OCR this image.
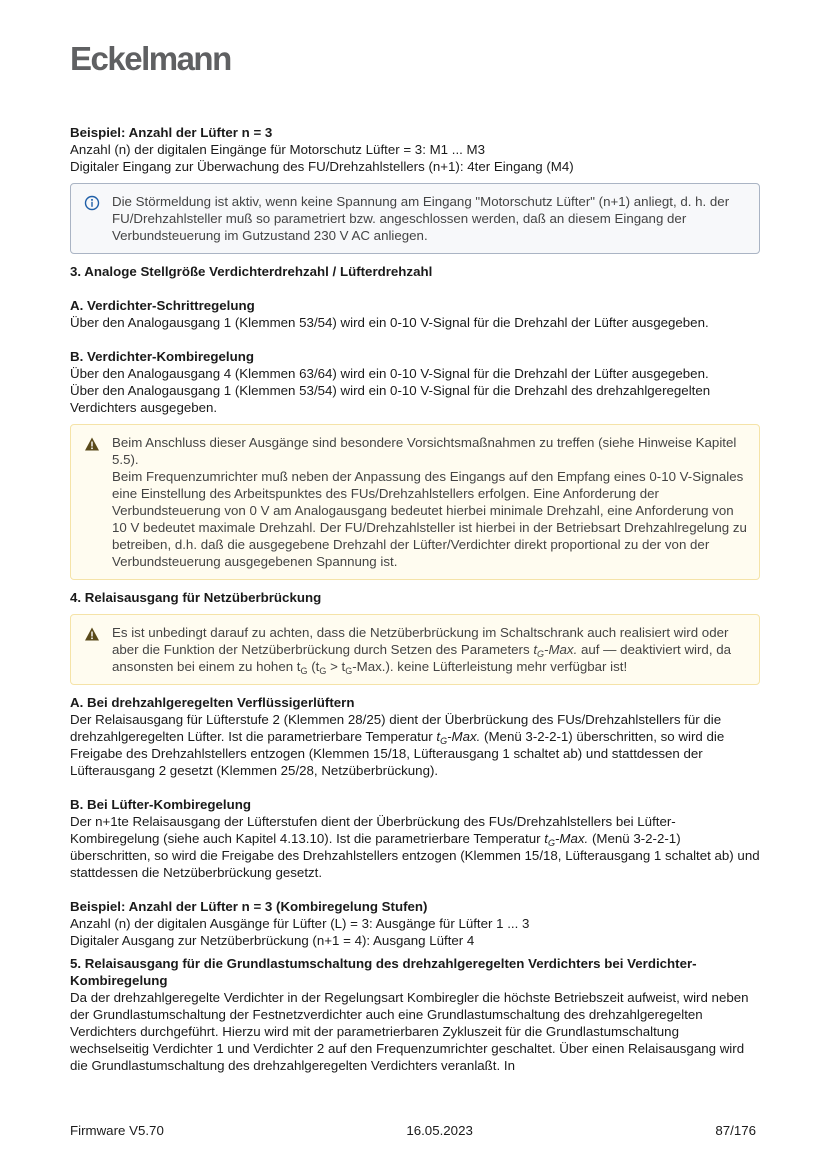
Eckelmann

Beispiel: Anzahl der Lüfter n = 3

Anzahl (n) der digitalen Eingänge für Motorschutz Lüfter = 3: M1 ... M3

Digitaler Eingang zur Überwachung des FU/Drehzahlstellers (n+1): 4ter Eingang (M4)

Die Störmeldung ist aktiv, wenn keine Spannung am Eingang "Motorschutz Lüfter" (n+1) anliegt, d. h. der FU/Drehzahlsteller muß so parametriert bzw. angeschlossen werden, daß an diesem Eingang der Verbundsteuerung im Gutzustand 230 V AC anliegen.

3. Analoge Stellgröße Verdichterdrehzahl / Lüfterdrehzahl

A. Verdichter-Schrittregelung

Über den Analogausgang 1 (Klemmen 53/54) wird ein 0-10 V-Signal für die Drehzahl der Lüfter ausgegeben.

B. Verdichter-Kombiregelung

Über den Analogausgang 4 (Klemmen 63/64) wird ein 0-10 V-Signal für die Drehzahl der Lüfter ausgegeben.

Über den Analogausgang 1 (Klemmen 53/54) wird ein 0-10 V-Signal für die Drehzahl des drehzahlgeregelten Verdichters ausgegeben.

Beim Anschluss dieser Ausgänge sind besondere Vorsichtsmaßnahmen zu treffen (siehe Hinweise Kapitel 5.5).

Beim Frequenzumrichter muß neben der Anpassung des Eingangs auf den Empfang eines 0-10 V-Signales eine Einstellung des Arbeitspunktes des FUs/Drehzahlstellers erfolgen. Eine Anforderung der Verbundsteuerung von 0 V am Analogausgang bedeutet hierbei minimale Drehzahl, eine Anforderung von 10 V bedeutet maximale Drehzahl. Der FU/Drehzahlsteller ist hierbei in der Betriebsart Drehzahlregelung zu betreiben, d.h. daß die ausgegebene Drehzahl der Lüfter/Verdichter direkt proportional zu der von der Verbundsteuerung ausgegebenen Spannung ist.

4. Relaisausgang für Netzüberbrückung

Es ist unbedingt darauf zu achten, dass die Netzüberbrückung im Schaltschrank auch realisiert wird oder aber die Funktion der Netzüberbrückung durch Setzen des Parameters $t_G$-Max. auf — deaktiviert wird, da ansonsten bei einem zu hohen $t_G$ $(t_G > t_G-Max.)$. keine Lüfterleistung mehr verfügbar ist!

A. Bei drehzahlgeregelten Verflüssigerlüftern

Der Relaisausgang für Lüfterstufe 2 (Klemmen 28/25) dient der Überbrückung des FUs/Drehzahlstellers für die drehzahlgeregelten Lüfter. Ist die parametrierbare Temperatur $t_G$-Max. (Menü 3-2-2-1) überschritten, so wird die Freigabe des Drehzahlstellers entzogen (Klemmen 15/18, Lüfterausgang 1 schaltet ab) und stattdessen der Lüfterausgang 2 gesetzt (Klemmen 25/28, Netzüberbrückung).

B. Bei Lüfter-Kombiregelung

Der n+1te Relaisausgang der Lüfterstufen dient der Überbrückung des FUs/Drehzahlstellers bei Lüfter-Kombiregelung (siehe auch Kapitel 4.13.10). Ist die parametrierbare Temperatur $t_G$-Max. (Menü 3-2-2-1) überschritten, so wird die Freigabe des Drehzahlstellers entzogen (Klemmen 15/18, Lüfterausgang 1 schaltet ab) und stattdessen die Netzüberbrückung gesetzt.

Beispiel: Anzahl der Lüfter n = 3 (Kombiregelung Stufen)

Anzahl (n) der digitalen Ausgänge für Lüfter (L) = 3: Ausgänge für Lüfter 1 ... 3

Digitaler Ausgang zur Netzüberbrückung (n+1 = 4): Ausgang Lüfter 4

5. Relaisausgang für die Grundlastumschaltung des drehzahlgeregelten Verdichters bei Verdichter-Kombiregelung

Da der drehzahlgeregelte Verdichter in der Regelungsart Kombiregler die höchste Betriebszeit aufweist, wird neben der Grundlastumschaltung der Festnetzverdichter auch eine Grundlastumschaltung des drehzahlgeregelten Verdichters durchgeführt. Hierzu wird mit der parametrierbaren Zykluszeit für die Grundlastumschaltung wechselseitig Verdichter 1 und Verdichter 2 auf den Frequenzumrichter geschaltet. Über einen Relaisausgang wird die Grundlastumschaltung des drehzahlgeregelten Verdichters veranlaßt. In

Firmware V5.70	16.05.2023	87/176
